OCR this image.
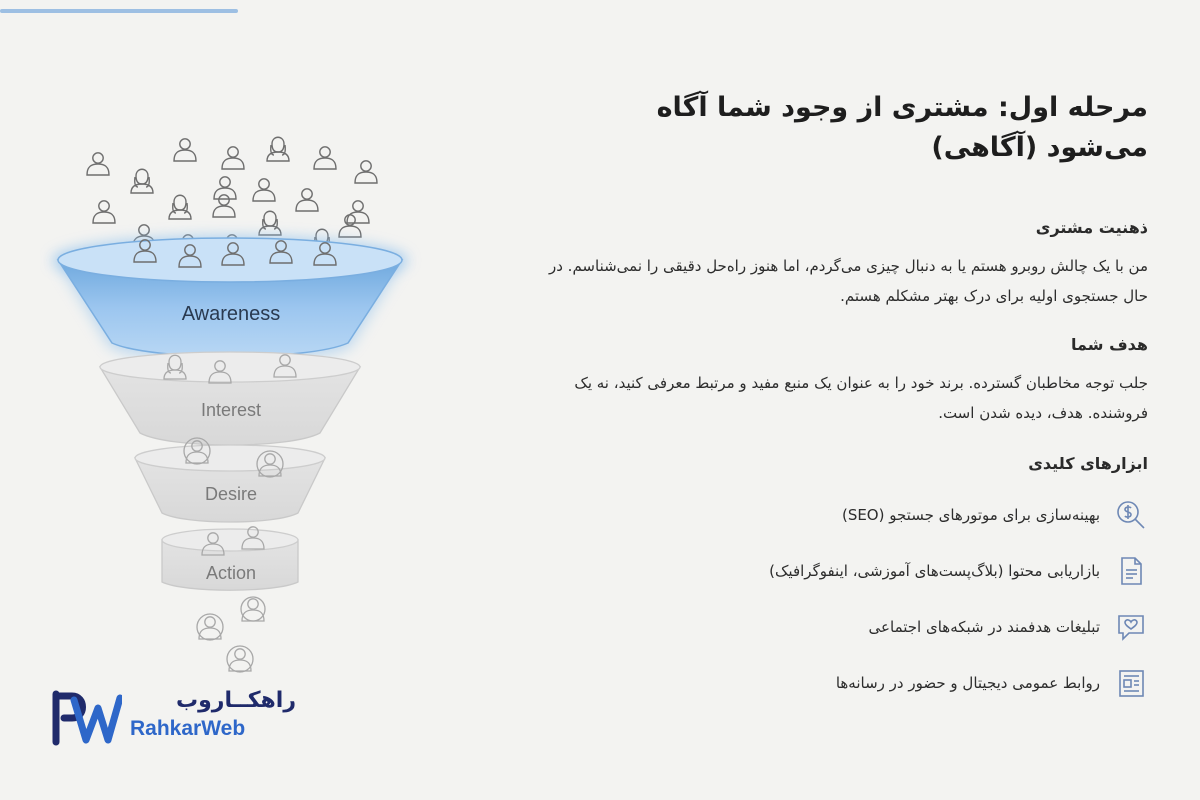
Awareness
Interest
Desire
Action
مرحله اول: مشتری از وجود شما آگاه می‌شود (آگاهی)
ذهنیت مشتری

من با یک چالش روبرو هستم یا به دنبال چیزی می‌گردم، اما هنوز راه‌حل دقیقی را نمی‌شناسم. در حال جستجوی اولیه برای درک بهتر مشکلم هستم.

هدف شما

جلب توجه مخاطبان گسترده. برند خود را به عنوان یک منبع مفید و مرتبط معرفی کنید، نه یک فروشنده. هدف، دیده شدن است.

ابزارهای کلیدی
بهینه‌سازی برای موتورهای جستجو (SEO)
بازاریابی محتوا (بلاگ‌پست‌های آموزشی، اینفوگرافیک)
تبلیغات هدفمند در شبکه‌های اجتماعی
روابط عمومی دیجیتال و حضور در رسانه‌ها
راهکــاروب
RahkarWeb
